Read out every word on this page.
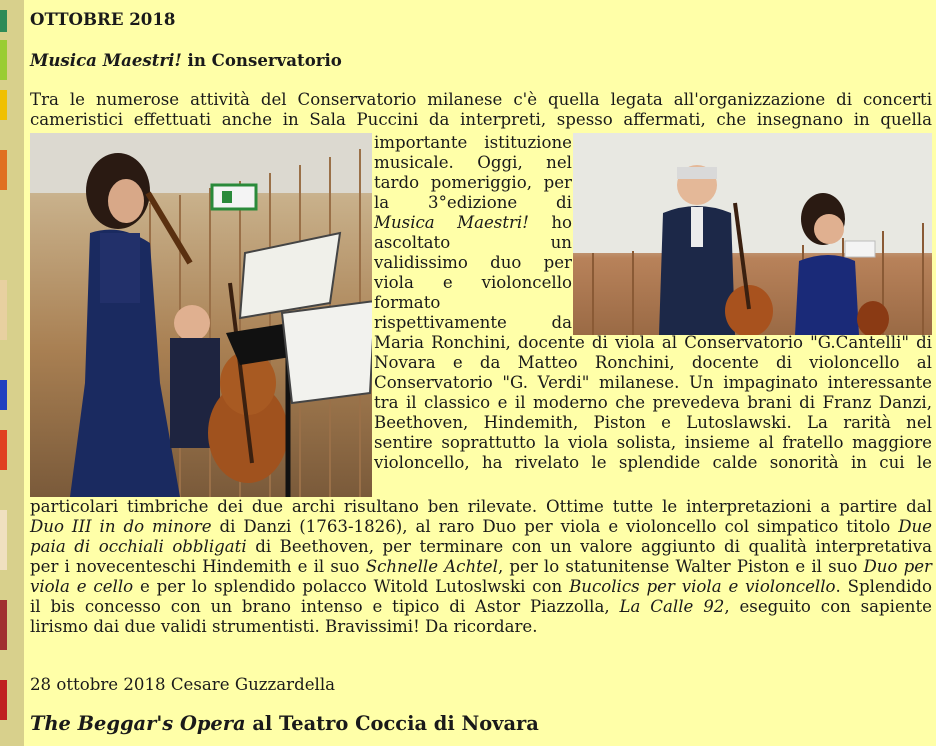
OTTOBRE 2018
Musica Maestri! in Conservatorio
Tra le numerose attività del Conservatorio milanese c'è quella legata all'organizzazione di concerti
cameristici effettuati anche in Sala Puccini da interpreti, spesso affermati, che insegnano in quella
importante istituzione
musicale. Oggi, nel
tardo pomeriggio, per
la 3°edizione di
Musica Maestri! ho
ascoltato un
validissimo duo per
viola e violoncello
formato
rispettivamente da
Maria Ronchini, docente di viola al Conservatorio "G.Cantelli" di
Novara e da Matteo Ronchini, docente di violoncello al
Conservatorio "G. Verdi" milanese. Un impaginato interessante
tra il classico e il moderno che prevedeva brani di Franz Danzi,
Beethoven, Hindemith, Piston e Lutoslawski. La rarità nel
sentire soprattutto la viola solista, insieme al fratello maggiore
violoncello, ha rivelato le splendide calde sonorità in cui le
particolari timbriche dei due archi risultano ben rilevate. Ottime tutte le interpretazioni a partire dal
Duo III in do minore di Danzi (1763-1826), al raro Duo per viola e violoncello col simpatico titolo Due
paia di occhiali obbligati di Beethoven, per terminare con un valore aggiunto di qualità interpretativa
per i novecenteschi Hindemith e il suo Schnelle Achtel, per lo statunitense Walter Piston e il suo Duo per
viola e cello e per lo splendido polacco Witold Lutoslwski con Bucolics per viola e violoncello. Splendido
il bis concesso con un brano intenso e tipico di Astor Piazzolla, La Calle 92, eseguito con sapiente
lirismo dai due validi strumentisti. Bravissimi! Da ricordare.

28 ottobre 2018 Cesare Guzzardella

The Beggar's Opera al Teatro Coccia di Novara
